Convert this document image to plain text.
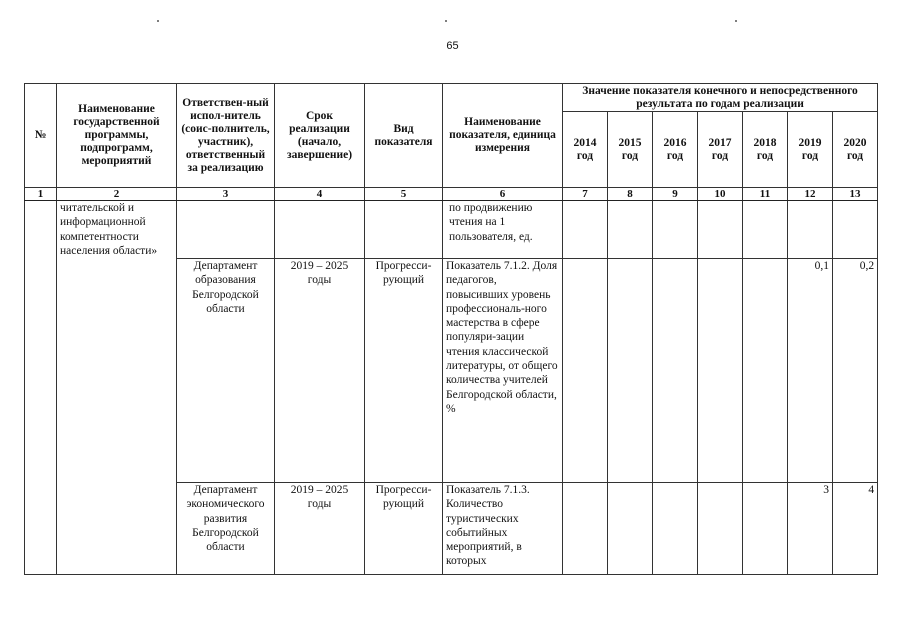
65
№	Наименование государственной программы, подпрограмм, мероприятий	Ответствен-ный испол-нитель (соис-полнитель, участник), ответственный за реализацию	Срок реализации (начало, завершение)	Вид показателя	Наименование показателя, единица измерения	Значение показателя конечного и непосредственного результата по годам реализации						
						2014 год	2015 год	2016 год	2017 год	2018 год	2019 год	2020 год
1	2	3	4	5	6	7	8	9	10	11	12	13
	читательской и информационной компетентности населения области»				по продвижению чтения на 1 пользователя, ед.							
		Департамент образования Белгородской области	2019 – 2025 годы	Прогресси-рующий	Показатель 7.1.2. Доля педагогов, повысивших уровень профессиональ-ного мастерства в сфере популяри-зации чтения классической литературы, от общего количества учителей Белгородской области, %						0,1	0,2
		Департамент экономического развития Белгородской области	2019 – 2025 годы	Прогресси-рующий	Показатель 7.1.3. Количество туристических событийных мероприятий, в которых						3	4
